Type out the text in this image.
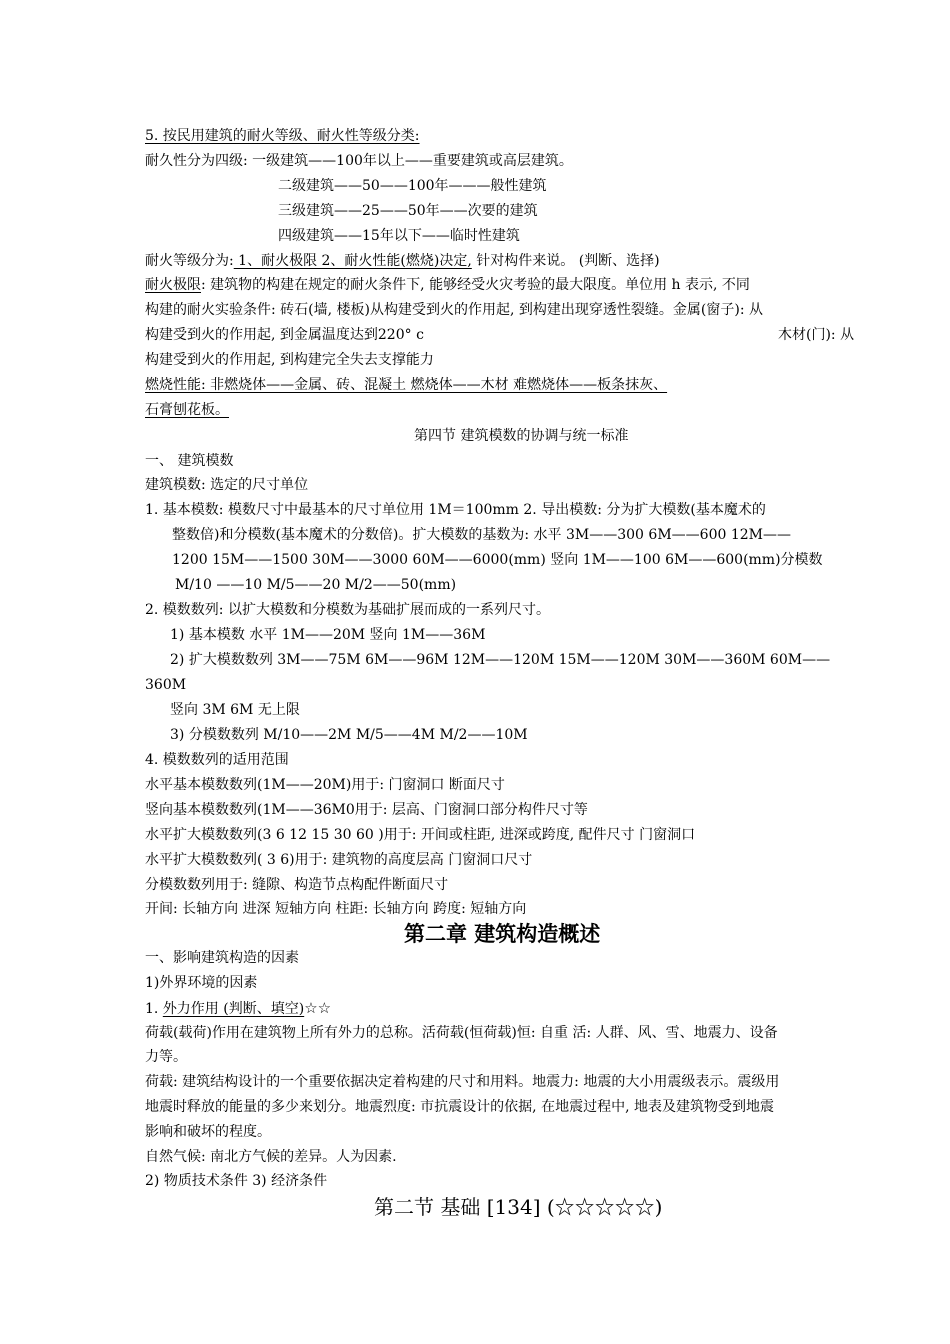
5. 按民用建筑的耐火等级、耐火性等级分类:
耐久性分为四级: 一级建筑——100年以上——重要建筑或高层建筑。
二级建筑——50——100年———般性建筑
三级建筑——25——50年——次要的建筑
四级建筑——15年以下——临时性建筑
耐火等级分为: 1、耐火极限 2、耐火性能(燃烧)决定, 针对构件来说。 (判断、选择)
耐火极限: 建筑物的构建在规定的耐火条件下, 能够经受火灾考验的最大限度。单位用 h 表示, 不同
构建的耐火实验条件: 砖石(墙, 楼板)从构建受到火的作用起, 到构建出现穿透性裂缝。金属(窗子): 从
构建受到火的作用起, 到金属温度达到220° c	木材(门): 从
构建受到火的作用起, 到构建完全失去支撑能力
燃烧性能: 非燃烧体——金属、砖、混凝土 燃烧体——木材 难燃烧体——板条抹灰、
石膏刨花板。
第四节 建筑模数的协调与统一标准
一、 建筑模数
建筑模数: 选定的尺寸单位
1. 基本模数: 模数尺寸中最基本的尺寸单位用 1M＝100mm 2. 导出模数: 分为扩大模数(基本魔术的
整数倍)和分模数(基本魔术的分数倍)。扩大模数的基数为: 水平 3M——300 6M——600 12M——
1200 15M——1500 30M——3000 60M——6000(mm) 竖向 1M——100 6M——600(mm)分模数
M/10 ——10 M/5——20 M/2——50(mm)
2. 模数数列: 以扩大模数和分模数为基础扩展而成的一系列尺寸。
1) 基本模数 水平 1M——20M 竖向 1M——36M
2) 扩大模数数列 3M——75M 6M——96M 12M——120M 15M——120M 30M——360M 60M——
360M
竖向 3M 6M 无上限
3) 分模数数列 M/10——2M M/5——4M M/2——10M
4. 模数数列的适用范围
水平基本模数数列(1M——20M)用于: 门窗洞口 断面尺寸
竖向基本模数数列(1M——36M0用于: 层高、门窗洞口部分构件尺寸等
水平扩大模数数列(3 6 12 15 30 60 )用于: 开间或柱距, 进深或跨度, 配件尺寸 门窗洞口
水平扩大模数数列( 3 6)用于: 建筑物的高度层高 门窗洞口尺寸
分模数数列用于: 缝隙、构造节点构配件断面尺寸
开间: 长轴方向 进深 短轴方向 柱距: 长轴方向 跨度: 短轴方向
第二章 建筑构造概述
一、影响建筑构造的因素
1)外界环境的因素
1. 外力作用 (判断、填空)☆☆
荷载(载荷)作用在建筑物上所有外力的总称。活荷载(恒荷载)恒: 自重 活: 人群、风、雪、地震力、设备
力等。
荷载: 建筑结构设计的一个重要依据决定着构建的尺寸和用料。地震力: 地震的大小用震级表示。震级用
地震时释放的能量的多少来划分。地震烈度: 市抗震设计的依据, 在地震过程中, 地表及建筑物受到地震
影响和破坏的程度。
自然气候: 南北方气候的差异。人为因素.
2) 物质技术条件 3) 经济条件
第二节 基础 [134] (☆☆☆☆☆)
